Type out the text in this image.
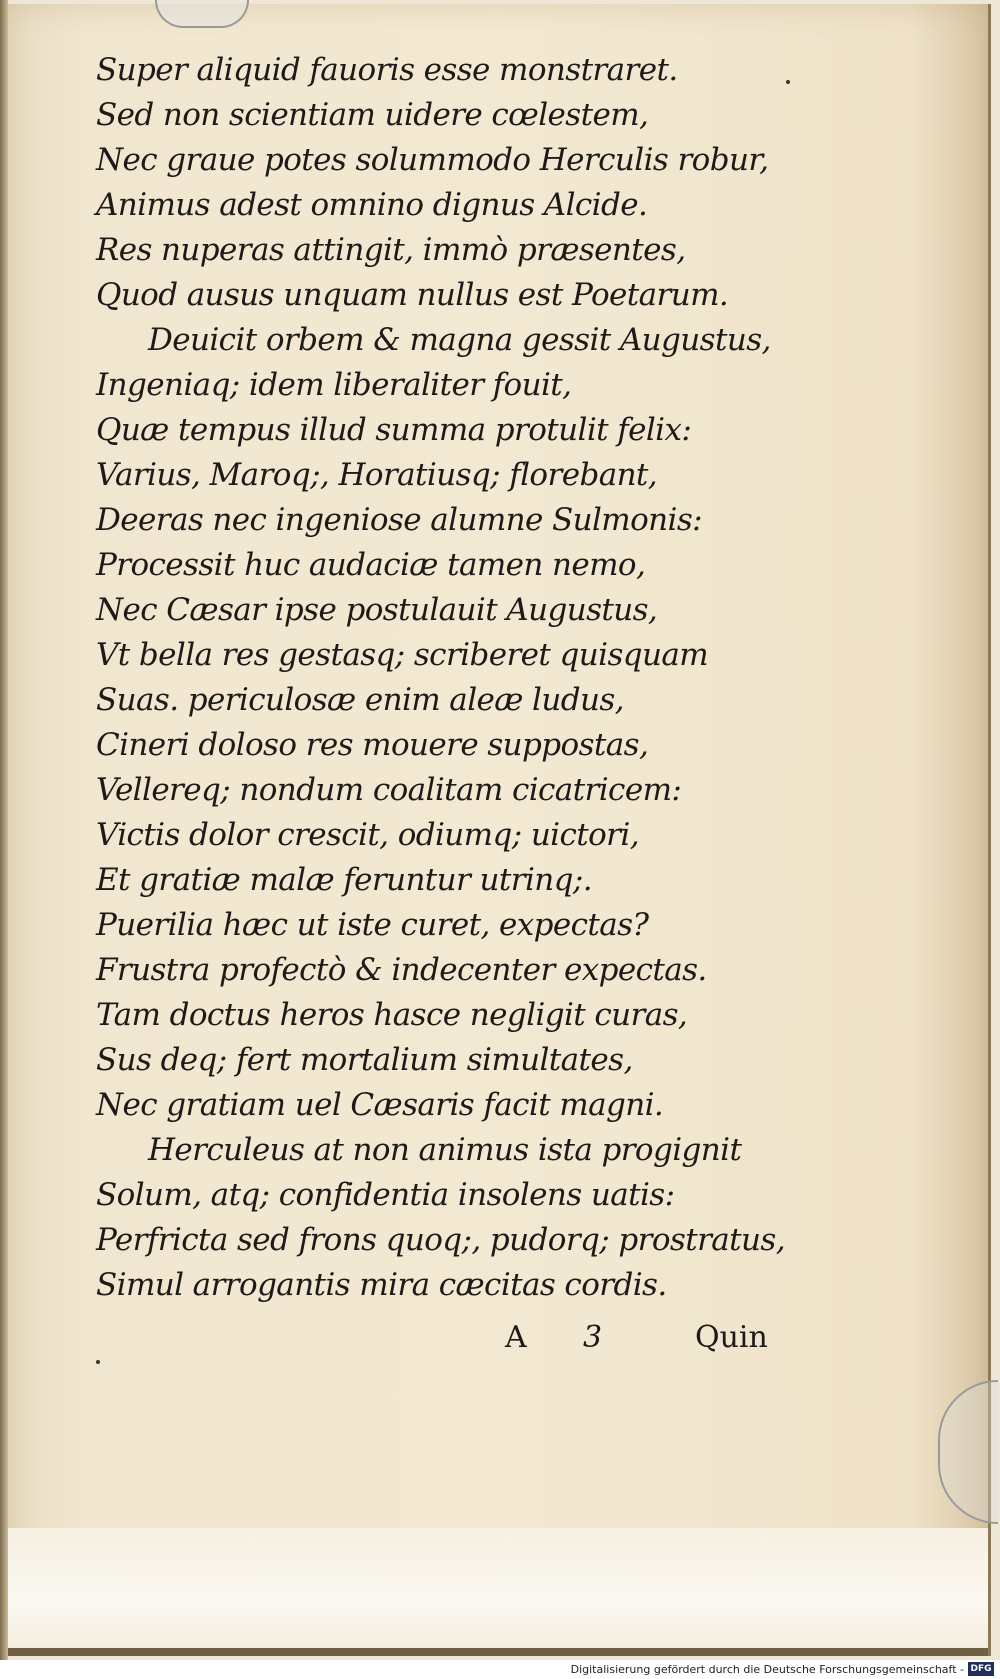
Super aliquid fauoris esse monstraret.
Sed non scientiam uidere cœlestem,
Nec graue potes solummodo Herculis robur,
Animus adest omnino dignus Alcide.
Res nuperas attingit, immò præsentes,
Quod ausus unquam nullus est Poetarum.
Deuicit orbem & magna gessit Augustus,
Ingeniaq; idem liberaliter fouit,
Quæ tempus illud summa protulit felix:
Varius, Maroq;, Horatiusq; florebant,
Deeras nec ingeniose alumne Sulmonis:
Processit huc audaciæ tamen nemo,
Nec Cæsar ipse postulauit Augustus,
Vt bella res gestasq; scriberet quisquam
Suas. periculosæ enim aleæ ludus,
Cineri doloso res mouere suppostas,
Vellereq; nondum coalitam cicatricem:
Victis dolor crescit, odiumq; uictori,
Et gratiæ malæ feruntur utrinq;.
Puerilia hæc ut iste curet, expectas?
Frustra profectò & indecenter expectas.
Tam doctus heros hasce negligit curas,
Sus deq; fert mortalium simultates,
Nec gratiam uel Cæsaris facit magni.
Herculeus at non animus ista progignit
Solum, atq; confidentia insolens uatis:
Perfricta sed frons quoq;, pudorq; prostratus,
Simul arrogantis mira cæcitas cordis.
A 3	Quin
Digitalisierung gefördert durch die Deutsche Forschungsgemeinschaft - DFG
